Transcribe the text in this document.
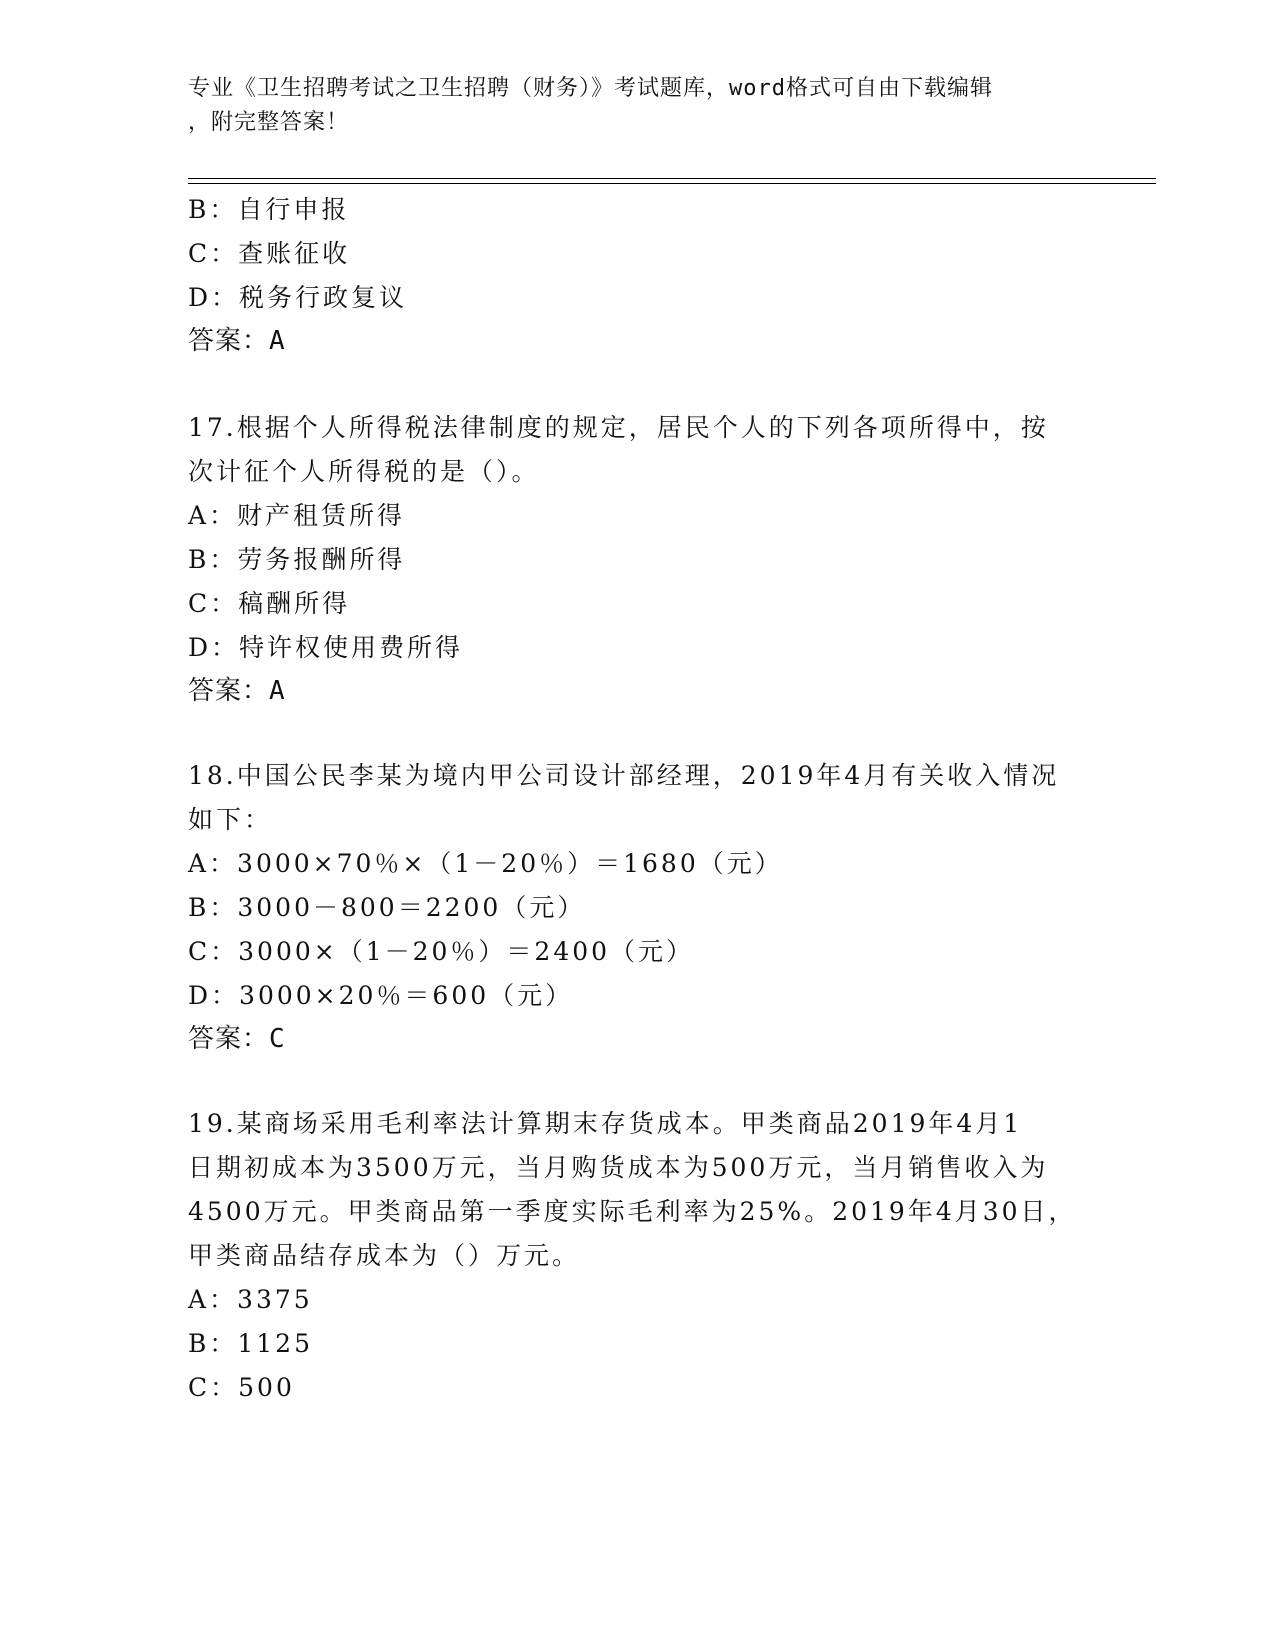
专业《卫生招聘考试之卫生招聘（财务）》考试题库，word格式可自由下载编辑
，附完整答案！
B：自行申报
C：查账征收
D：税务行政复议
答案：A
17.根据个人所得税法律制度的规定，居民个人的下列各项所得中，按
次计征个人所得税的是（）。
A：财产租赁所得
B：劳务报酬所得
C：稿酬所得
D：特许权使用费所得
答案：A
18.中国公民李某为境内甲公司设计部经理，2019年4月有关收入情况
如下：
A：3000×70％×（1－20％）＝1680（元）
B：3000－800＝2200（元）
C：3000×（1－20％）＝2400（元）
D：3000×20％＝600（元）
答案：C
19.某商场采用毛利率法计算期末存货成本。甲类商品2019年4月1
日期初成本为3500万元，当月购货成本为500万元，当月销售收入为
4500万元。甲类商品第一季度实际毛利率为25%。2019年4月30日，
甲类商品结存成本为（）万元。
A：3375
B：1125
C：500
